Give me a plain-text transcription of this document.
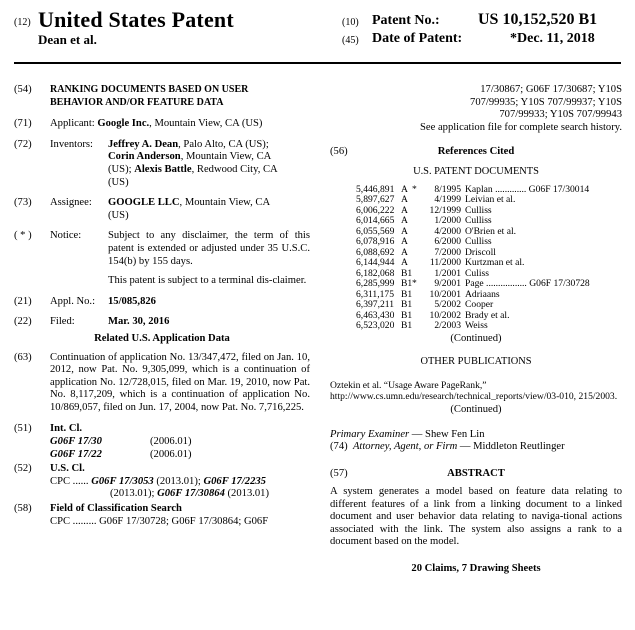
(12) United States Patent
Dean et al.
(10) Patent No.: US 10,152,520 B1
(45) Date of Patent:	*Dec. 11, 2018
(54) RANKING DOCUMENTS BASED ON USER
BEHAVIOR AND/OR FEATURE DATA
(71) Applicant: Google Inc., Mountain View, CA (US)
(72) Inventors: Jeffrey A. Dean, Palo Alto, CA (US);
Corin Anderson, Mountain View, CA
(US); Alexis Battle, Redwood City, CA
(US)
(73) Assignee: GOOGLE LLC, Mountain View, CA
(US)
( * ) Notice:	Subject to any disclaimer, the term of this patent is extended or adjusted under 35 U.S.C. 154(b) by 155 days.
This patent is subject to a terminal dis-claimer.
(21) Appl. No.: 15/085,826
(22) Filed:	Mar. 30, 2016
Related U.S. Application Data
(63) Continuation of application No. 13/347,472, filed on Jan. 10, 2012, now Pat. No. 9,305,099, which is a continuation of application No. 12/728,015, filed on Mar. 19, 2010, now Pat. No. 8,117,209, which is a continuation of application No. 10/869,057, filed on Jun. 17, 2004, now Pat. No. 7,716,225.
(51) Int. Cl.
G06F 17/30	(2006.01)
G06F 17/22	(2006.01)
(52) U.S. Cl.
CPC ...... G06F 17/3053 (2013.01); G06F 17/2235
(2013.01); G06F 17/30864 (2013.01)
(58) Field of Classification Search
CPC ......... G06F 17/30728; G06F 17/30864; G06F
17/30867; G06F 17/30687; Y10S
707/99935; Y10S 707/99937; Y10S
707/99933; Y10S 707/99943
See application file for complete search history.
(56)	References Cited
U.S. PATENT DOCUMENTS
5,446,891 A *	8/1995 Kaplan ............. G06F 17/30014
5,897,627 A	4/1999 Leivian et al.
6,006,222 A	12/1999 Culliss
6,014,665 A	1/2000 Culliss
6,055,569 A	4/2000 O'Brien et al.
6,078,916 A	6/2000 Culliss
6,088,692 A	7/2000 Driscoll
6,144,944 A	11/2000 Kurtzman et al.
6,182,068 B1	1/2001 Culiss
6,285,999 B1 *	9/2001 Page ................. G06F 17/30728
6,311,175 B1	10/2001 Adriaans
6,397,211 B1	5/2002 Cooper
6,463,430 B1	10/2002 Brady et al.
6,523,020 B1	2/2003 Weiss
(Continued)
OTHER PUBLICATIONS
Oztekin et al. “Usage Aware PageRank,” http://www.cs.umn.edu/research/technical_reports/view/03-010, 215/2003.
(Continued)
Primary Examiner — Shew Fen Lin
(74) Attorney, Agent, or Firm — Middleton Reutlinger
(57)	ABSTRACT
A system generates a model based on feature data relating to different features of a link from a linking document to a linked document and user behavior data relating to naviga-tional actions associated with the link. The system also assigns a rank to a document based on the model.
20 Claims, 7 Drawing Sheets
